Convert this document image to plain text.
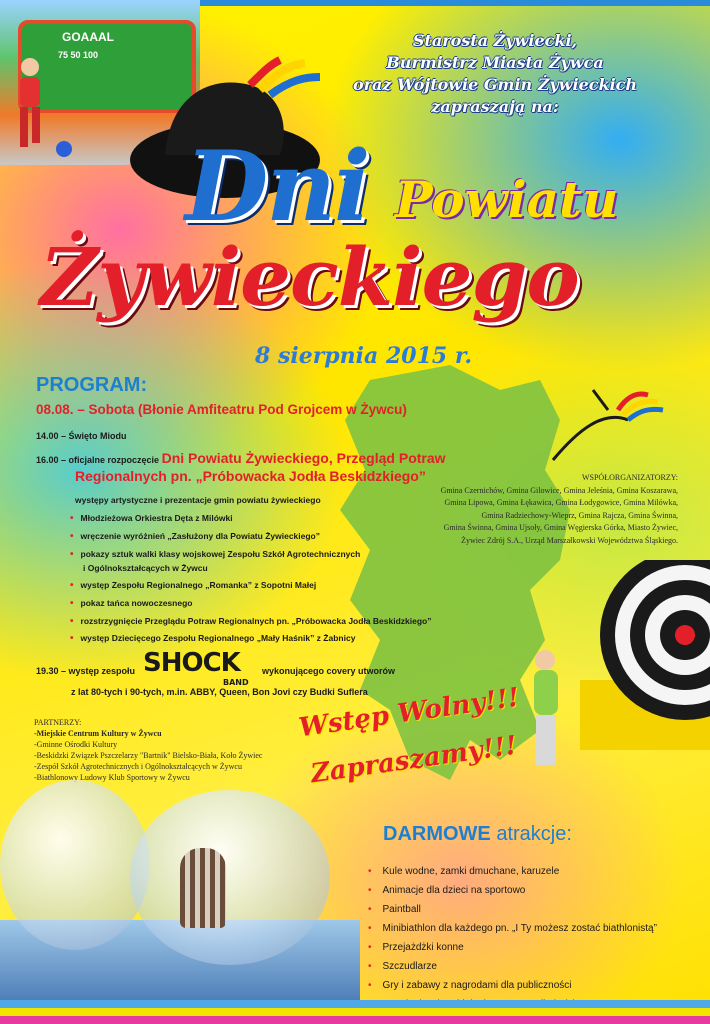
GOAAAL
75 50 100
Starosta Żywiecki,
Burmistrz Miasta Żywca
oraz Wójtowie Gmin Żywieckich
zapraszają na:
Dni Powiatu
Żywieckiego
8 sierpnia 2015 r.
PROGRAM:
08.08. – Sobota (Błonie Amfiteatru Pod Grojcem w Żywcu)
14.00 – Święto Miodu
16.00 – oficjalne rozpoczęcie Dni Powiatu Żywieckiego, Przegląd Potraw
Regionalnych pn. „Próbowacka Jodła Beskidzkiego”
występy artystyczne i prezentacje gmin powiatu żywieckiego
• Młodzieżowa Orkiestra Dęta z Milówki
• wręczenie wyróżnień „Zasłużony dla Powiatu Żywieckiego”
• pokazy sztuk walki klasy wojskowej Zespołu Szkół Agrotechnicznych
i Ogólnokształcących w Żywcu
• występ Zespołu Regionalnego „Romanka” z Sopotni Małej
• pokaz tańca nowoczesnego
• rozstrzygnięcie Przeglądu Potraw Regionalnych pn. „Próbowacka Jodła Beskidzkiego”
• występ Dziecięcego Zespołu Regionalnego „Mały Haśnik” z Żabnicy
19.30 – występ zespołu SHOCK
BAND
wykonującego covery utworów
z lat 80-tych i 90-tych, m.in. ABBY, Queen, Bon Jovi czy Budki Suflera
WSPÓŁORGANIZATORZY:
Gmina Czernichów, Gmina Gilowice, Gmina Jeleśnia, Gmina Koszarawa,
Gmina Lipowa, Gmina Łękawica, Gmina Łodygowice, Gmina Milówka,
Gmina Radziechowy-Wieprz, Gmina Rajcza, Gmina Świnna,
Gmina Świnna, Gmina Ujsoły, Gmina Węgierska Górka, Miasto Żywiec,
Żywiec Zdrój S.A., Urząd Marszałkowski Województwa Śląskiego.
PARTNERZY:
-Miejskie Centrum Kultury w Żywcu
-Gminne Ośrodki Kultury
-Beskidzki Związek Pszczelarzy "Bartnik" Bielsko-Biała, Koło Żywiec
-Zespół Szkół Agrotechnicznych i Ogólnokształcących w Żywcu
-Biathlonowy Ludowy Klub Sportowy w Żywcu
Wstęp Wolny!!!
Zapraszamy!!!
DARMOWE atrakcje:
• Kule wodne, zamki dmuchane, karuzele
• Animacje dla dzieci na sportowo
• Paintball
• Minibiathlon dla każdego pn. „I Ty możesz zostać biathlonistą”
• Przejażdżki konne
• Szczudlarze
• Gry i zabawy z nagrodami dla publiczności
•
